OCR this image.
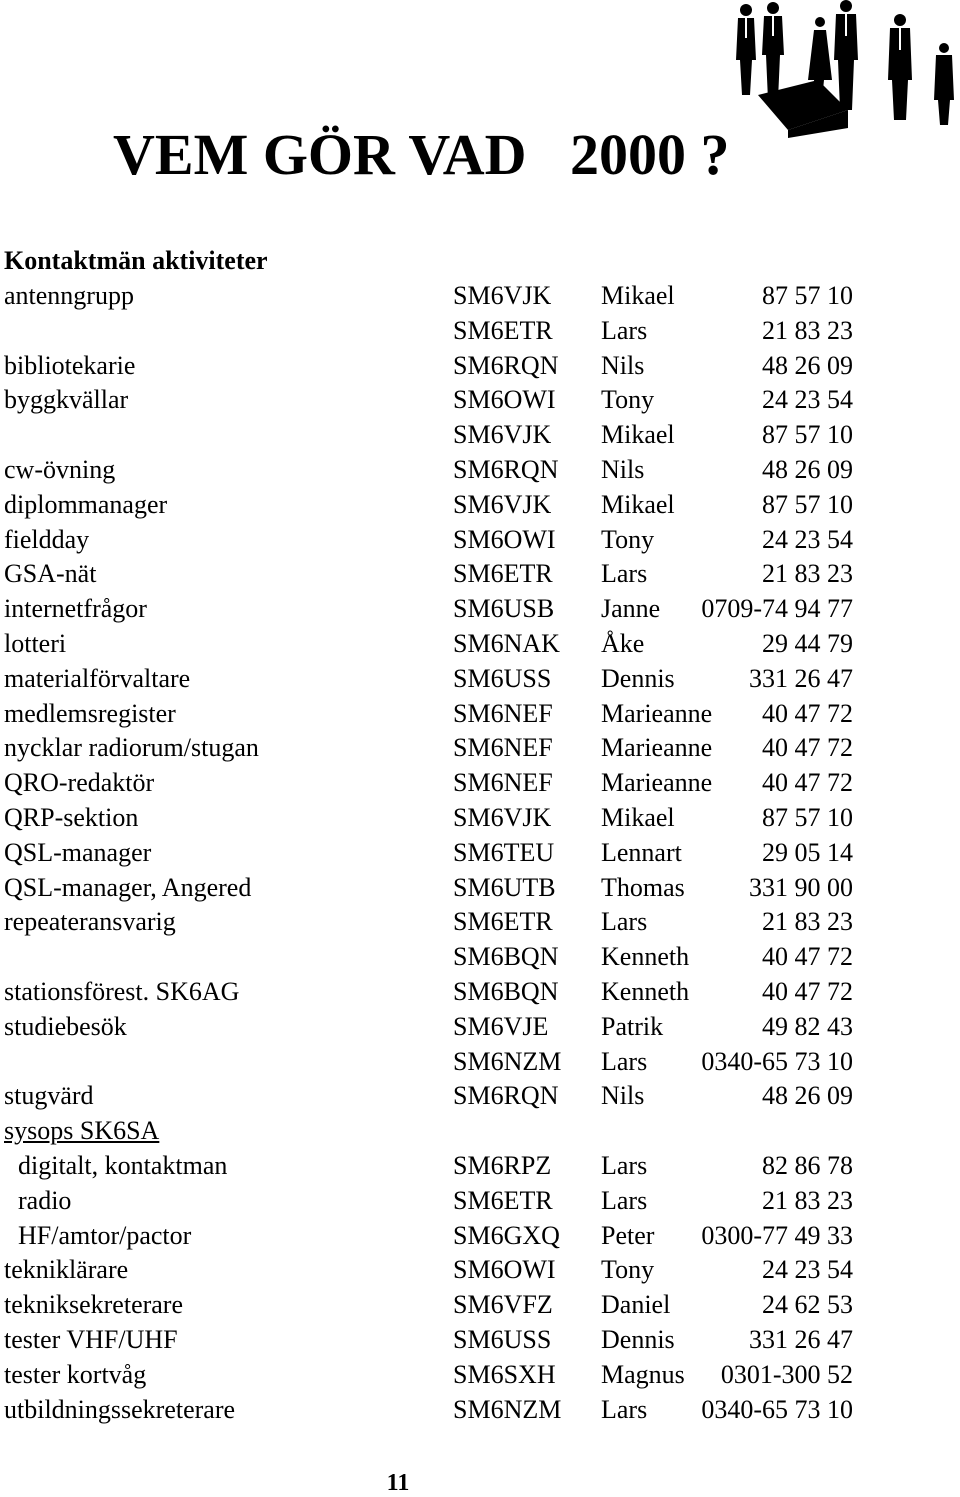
VEM GÖR VAD   2000 ?
Kontaktmän aktiviteter
antenngrupp	SM6VJK Mikael	87 57 10
SM6ETR Lars	21 83 23
bibliotekarie	SM6RQN Nils	48 26 09
byggkvällar	SM6OWI Tony	24 23 54
SM6VJK Mikael	87 57 10
cw-övning	SM6RQN Nils	48 26 09
diplommanager	SM6VJK Mikael	87 57 10
fieldday	SM6OWI Tony	24 23 54
GSA-nät	SM6ETR Lars	21 83 23
internetfrågor	SM6USB Janne 0709-74 94 77
lotteri	SM6NAK Åke	29 44 79
materialförvaltare	SM6USS Dennis	331 26 47
medlemsregister	SM6NEF Marieanne 40 47 72
nycklar radiorum/stugan	SM6NEF Marieanne 40 47 72
QRO-redaktör	SM6NEF Marieanne 40 47 72
QRP-sektion	SM6VJK Mikael	87 57 10
QSL-manager	SM6TEU Lennart	29 05 14
QSL-manager, Angered	SM6UTB Thomas 331 90 00
repeateransvarig	SM6ETR Lars	21 83 23
SM6BQN Kenneth	40 47 72
stationsförest. SK6AG	SM6BQN Kenneth	40 47 72
studiebesök	SM6VJE Patrik	49 82 43
SM6NZM Lars 0340-65 73 10
stugvärd	SM6RQN Nils	48 26 09
sysops SK6SA
digitalt, kontaktman	SM6RPZ Lars	82 86 78
radio	SM6ETR Lars	21 83 23
HF/amtor/pactor	SM6GXQ Peter 0300-77 49 33
tekniklärare	SM6OWI Tony	24 23 54
tekniksekreterare	SM6VFZ Daniel	24 62 53
tester VHF/UHF	SM6USS Dennis	331 26 47
tester kortvåg	SM6SXH Magnus 0301-300 52
utbildningssekreterare	SM6NZM Lars 0340-65 73 10
11
